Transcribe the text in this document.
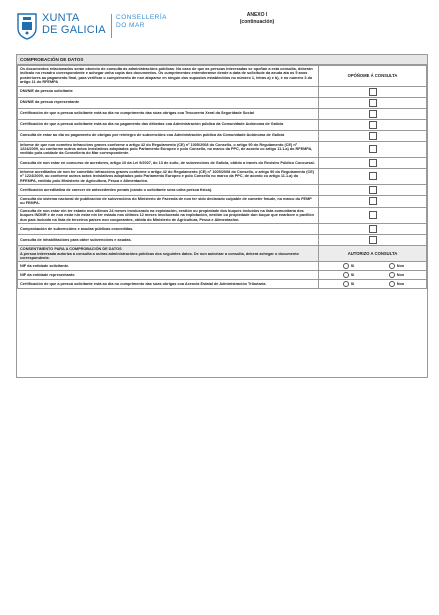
XUNTA
DE GALICIA
CONSELLERÍA
DO MAR
ANEXO I
(continuación)
COMPROBACIÓN DE DATOS
Os documentos relacionados serán obxecto de consulta ás administracións públicas. No caso de que as persoas interesadas se opoñan a esta consulta, deberán indicalo no recadro correspondente e achegar unha copia dos documentos. Os cumprimentos entenderanse dende a data de solicitude da axuda ata os 5 anos posteriores ao pagamento final, para verificar o cumprimento de non atoparse en ningún dos supostos establecidos no número 1, letras a) e b), e no número 3 do artigo 11 do RFEMPA	OPÓÑOME Á CONSULTA
DNI/NIE da persoa solicitante	
DNI/NIE da persoa representante	
Certificación de que a persoa solicitante está ao día no cumprimento das súas obrigas coa Tesourería Xeral da Seguridade Social	
Certificación de que a persoa solicitante está ao día no pagamento das débedas coa Administración pública da Comunidade Autónoma de Galicia	
Consulta de estar ao día no pagamento de obrigas por reintegro de subvencións coa Administración pública da Comunidade Autónoma de Galicia	
Informe de que non cometeu infraccións graves conforme o artigo 42 do Regulamento (CE) nº 1005/2008 do Consello, o artigo 90 do Regulamento (CE) nº 1224/2009, ou conforme outros actos lexislativos adoptados polo Parlamento Europeo e polo Consello, no marco da PPC, de acordo co artigo 11.1.a) do RFEMPA, emitido pola unidade da Consellería do Mar correspondente.	
Consulta de non estar en concurso de acredores, artigo 10 da Lei 9/2007, do 13 de xuño, de subvencións de Galicia, obtido a través do Rexistro Público Concursal.	
Informe acreditativo de non ter cometido infraccións graves conforme o artigo 42 do Regulamento (CE) nº 1005/2008 do Consello, o artigo 90 do Regulamento (CE) nº 1224/2009, ou conforme outros actos lexislativos adoptados polo Parlamento Europeo e polo Consello no marco da PPC, de acordo co artigo 11.1.a) do RFEMPA, emitido polo Ministerio de Agricultura, Pesca e Alimentación.	
Certificación acreditativa de carecer de antecedentes penais (cando o solicitante sexa unha persoa física).	
Consulta do sistema nacional de publicación de subvencións do Ministerio de Facenda de non ter sido declarado culpable de cometer fraude, no marco do FEMP ou FEMPA.	
Consulta de non estar nin ter estado nos últimos 24 meses involucrado na explotación, xestión ou propiedade dos buques incluídos na lista comunitaria dos buques INDNR e de non estar nin estar nin ter estado nos últimos 12 meses involucrado na explotación, xestión ou propiedade dun buque que enarbore o pavillón dun país incluído na lista de terceiros países non cooperantes, obtida do Ministerio de Agricultura, Pesca e Alimentación.	
Comprobación de subvencións e axudas públicas concedidas.	
Consulta de inhabilitacións para obter subvencións e axudas.	

CONSENTIMENTO PARA A COMPROBACIÓN DE DATOS
A persoa interesada autoriza a consulta a outras administracións públicas dos seguintes datos. De non autorizar a consulta, deberá achegar o documento correspondente.	AUTORIZO A CONSULTA
NIF da entidade solicitante.	Si Non
NIF da entidade representante.	Si Non
Certificación de que a persoa solicitante está ao día no cumprimento das súas obrigas coa Axencia Estatal de Administración Tributaria.	Si Non
